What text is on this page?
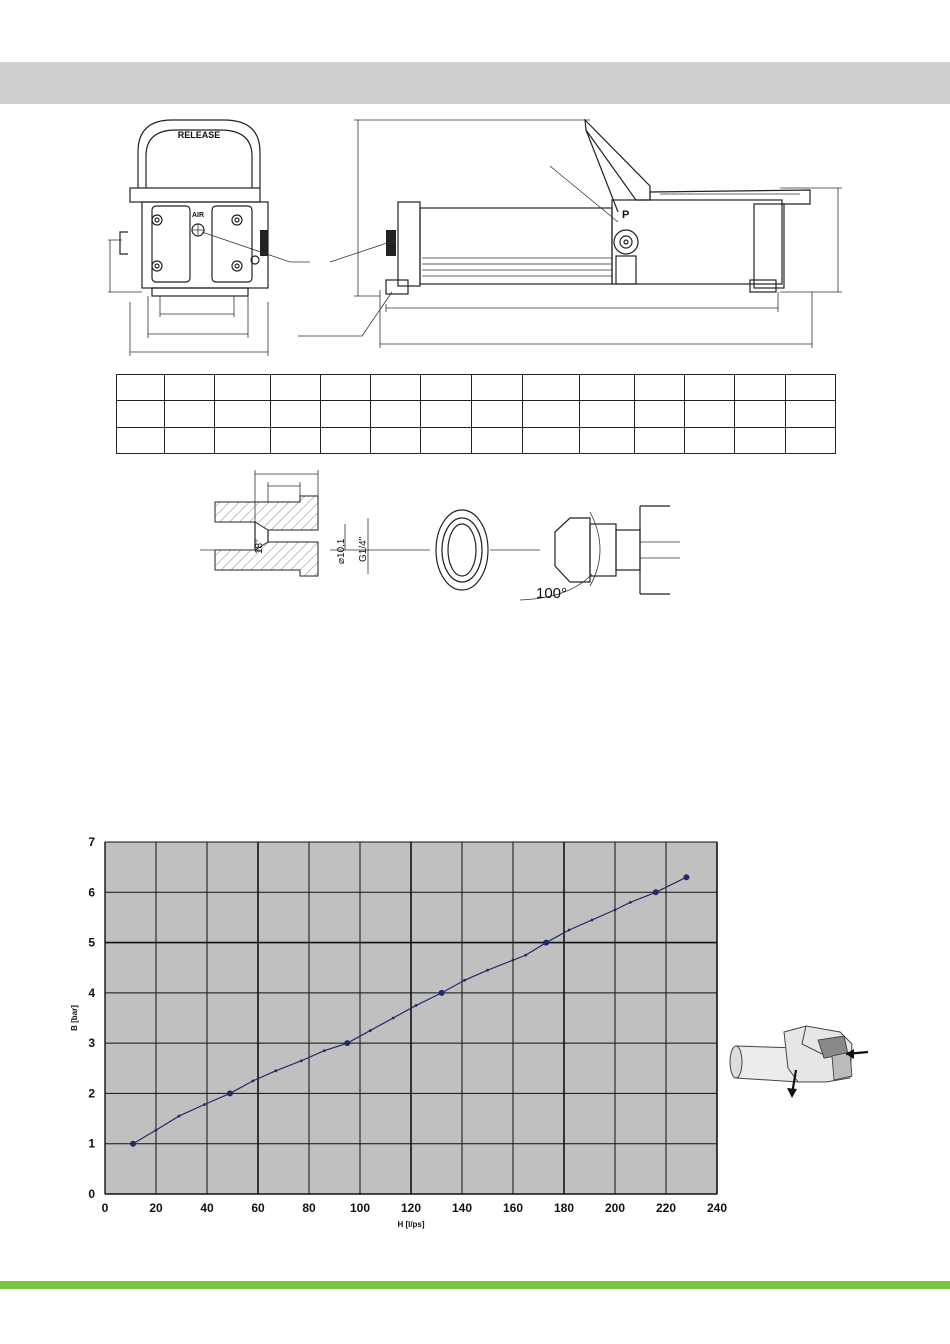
RELEASE
AIR	P

18°	⌀10,1 G1/4"
100°
0	20	40	60	80	100	120	140	160	180	200	220	240
0
1
2
3
4
5
6
7
H [l/ps]
B [bar]
